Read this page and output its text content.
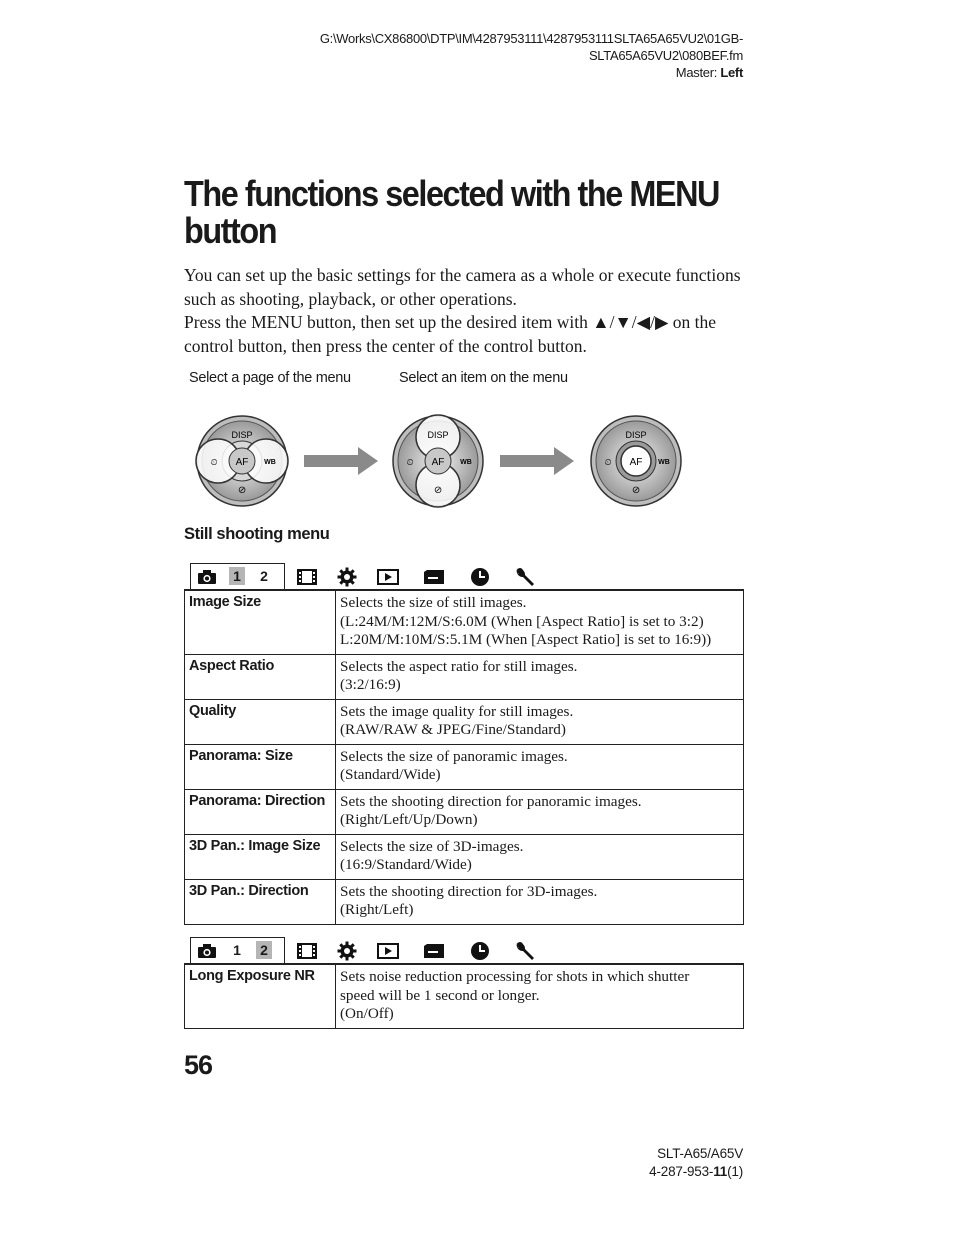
G:\Works\CX86800\DTP\IM\4287953111\4287953111SLTA65A65VU2\01GB-
SLTA65A65VU2\080BEF.fm
Master: Left
The functions selected with the MENU button

You can set up the basic settings for the camera as a whole or execute functions such as shooting, playback, or other operations.

Press the MENU button, then set up the desired item with ▲/▼/◀/▶ on the control button, then press the center of the control button.

Select a page of the menu	Select an item on the menu
DISP
AF WB
⏲
⊘
DISP
AF WB
⏲
⊘
DISP
AF WB
⏲
⊘
Still shooting menu
1 2
Image Size	Selects the size of still images.
(L:24M/M:12M/S:6.0M (When [Aspect Ratio] is set to 3:2)
L:20M/M:10M/S:5.1M (When [Aspect Ratio] is set to 16:9))

Aspect Ratio	Selects the aspect ratio for still images.
(3:2/16:9)

Quality	Sets the image quality for still images.
(RAW/RAW & JPEG/Fine/Standard)

Panorama: Size	Selects the size of panoramic images.
(Standard/Wide)

Panorama: Direction	Sets the shooting direction for panoramic images.
(Right/Left/Up/Down)

3D Pan.: Image Size	Selects the size of 3D-images.
(16:9/Standard/Wide)

3D Pan.: Direction	Sets the shooting direction for 3D-images.
(Right/Left)
1 2
Long Exposure NR	Sets noise reduction processing for shots in which shutter
speed will be 1 second or longer.
(On/Off)
56
SLT-A65/A65V
4-287-953-11(1)
